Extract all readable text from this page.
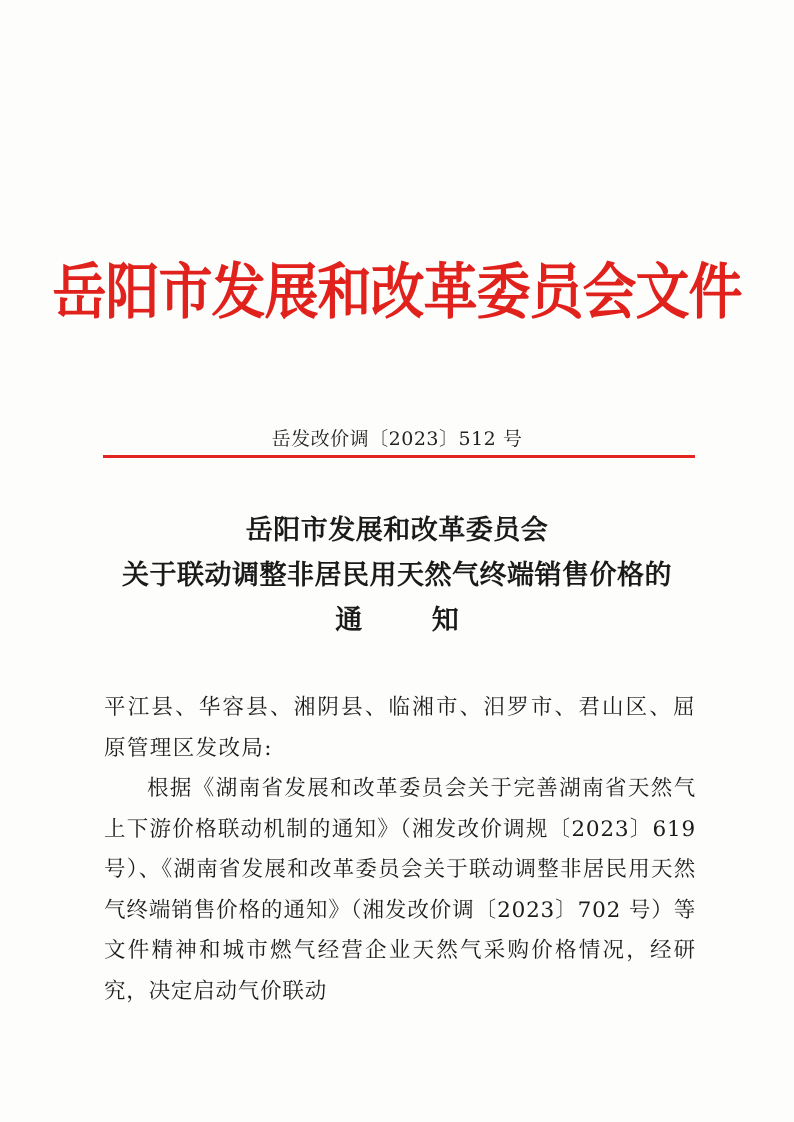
岳阳市发展和改革委员会文件
岳发改价调〔2023〕512 号
岳阳市发展和改革委员会
关于联动调整非居民用天然气终端销售价格的
通 知

平江县、华容县、湘阴县、临湘市、汨罗市、君山区、屈原管理区发改局:

根据《湖南省发展和改革委员会关于完善湖南省天然气上下游价格联动机制的通知》（湘发改价调规〔2023〕619 号）、《湖南省发展和改革委员会关于联动调整非居民用天然气终端销售价格的通知》（湘发改价调〔2023〕702 号）等文件精神和城市燃气经营企业天然气采购价格情况，经研究，决定启动气价联动
